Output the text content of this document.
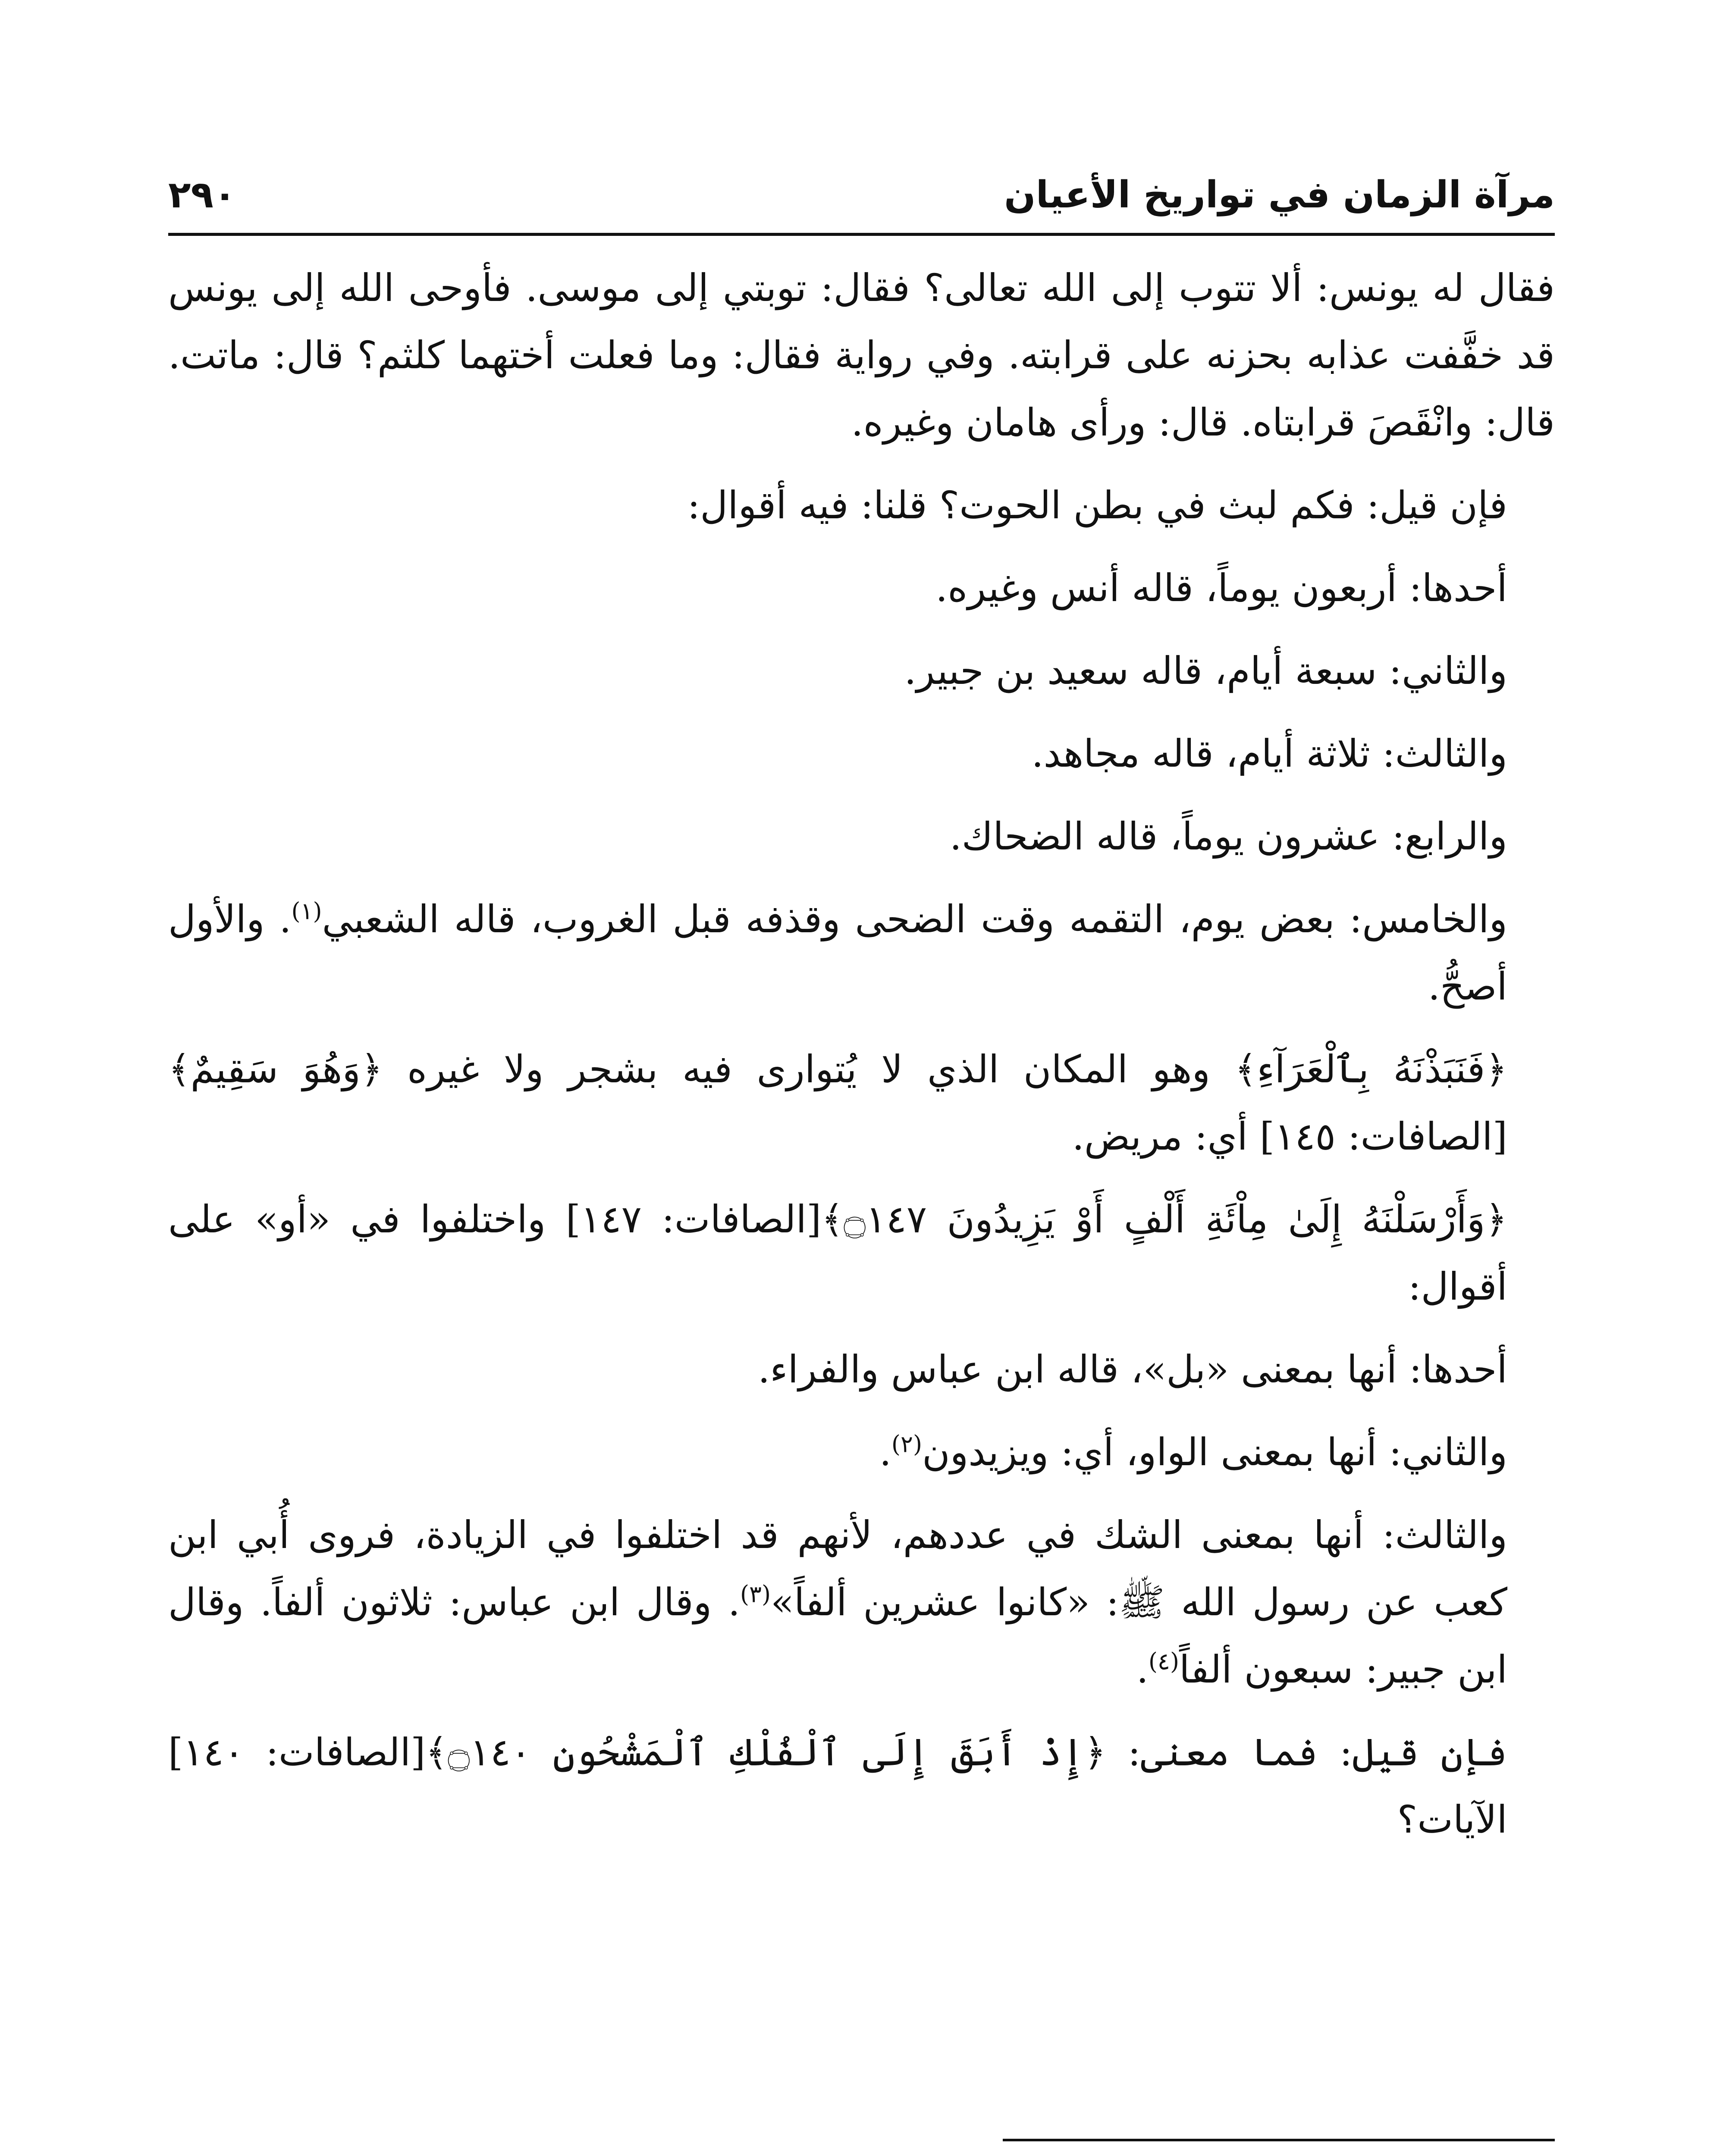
مرآة الزمان في تواريخ الأعيان
٢٩٠

فقال له يونس: ألا تتوب إلى الله تعالى؟ فقال: توبتي إلى موسى. فأوحى الله إلى يونس قد خفَّفت عذابه بحزنه على قرابته. وفي رواية فقال: وما فعلت أختهما كلثم؟ قال: ماتت. قال: وانْقَصَ قرابتاه. قال: ورأى هامان وغيره.

فإن قيل: فكم لبث في بطن الحوت؟ قلنا: فيه أقوال:

أحدها: أربعون يوماً، قاله أنس وغيره.

والثاني: سبعة أيام، قاله سعيد بن جبير.

والثالث: ثلاثة أيام، قاله مجاهد.

والرابع: عشرون يوماً، قاله الضحاك.

والخامس: بعض يوم، التقمه وقت الضحى وقذفه قبل الغروب، قاله الشعبي$^{(١)}$. والأول أصحُّ.

﴿فَنَبَذْنَهُ بِٱلْعَرَآءِ﴾ وهو المكان الذي لا يُتوارى فيه بشجر ولا غيره ﴿وَهُوَ سَقِيمٌ﴾[الصافات: ١٤٥] أي: مريض.

﴿وَأَرْسَلْنَهُ إِلَىٰ مِاْئَةِ أَلْفٍ أَوْ يَزِيدُونَ ۝١٤٧﴾[الصافات: ١٤٧] واختلفوا في «أو» على أقوال:

أحدها: أنها بمعنى «بل»، قاله ابن عباس والفراء.

والثاني: أنها بمعنى الواو، أي: ويزيدون$^{(٢)}$.

والثالث: أنها بمعنى الشك في عددهم، لأنهم قد اختلفوا في الزيادة، فروى أُبي ابن كعب عن رسول الله ﷺ: «كانوا عشرين ألفاً»$^{(٣)}$. وقال ابن عباس: ثلاثون ألفاً. وقال ابن جبير: سبعون ألفاً$^{(٤)}$.

فإن قيل: فما معنى: ﴿إِذْ أَبَقَ إِلَى ٱلْفُلْكِ ٱلْمَشْحُونِ ۝١٤٠﴾[الصافات: ١٤٠] الآيات؟
